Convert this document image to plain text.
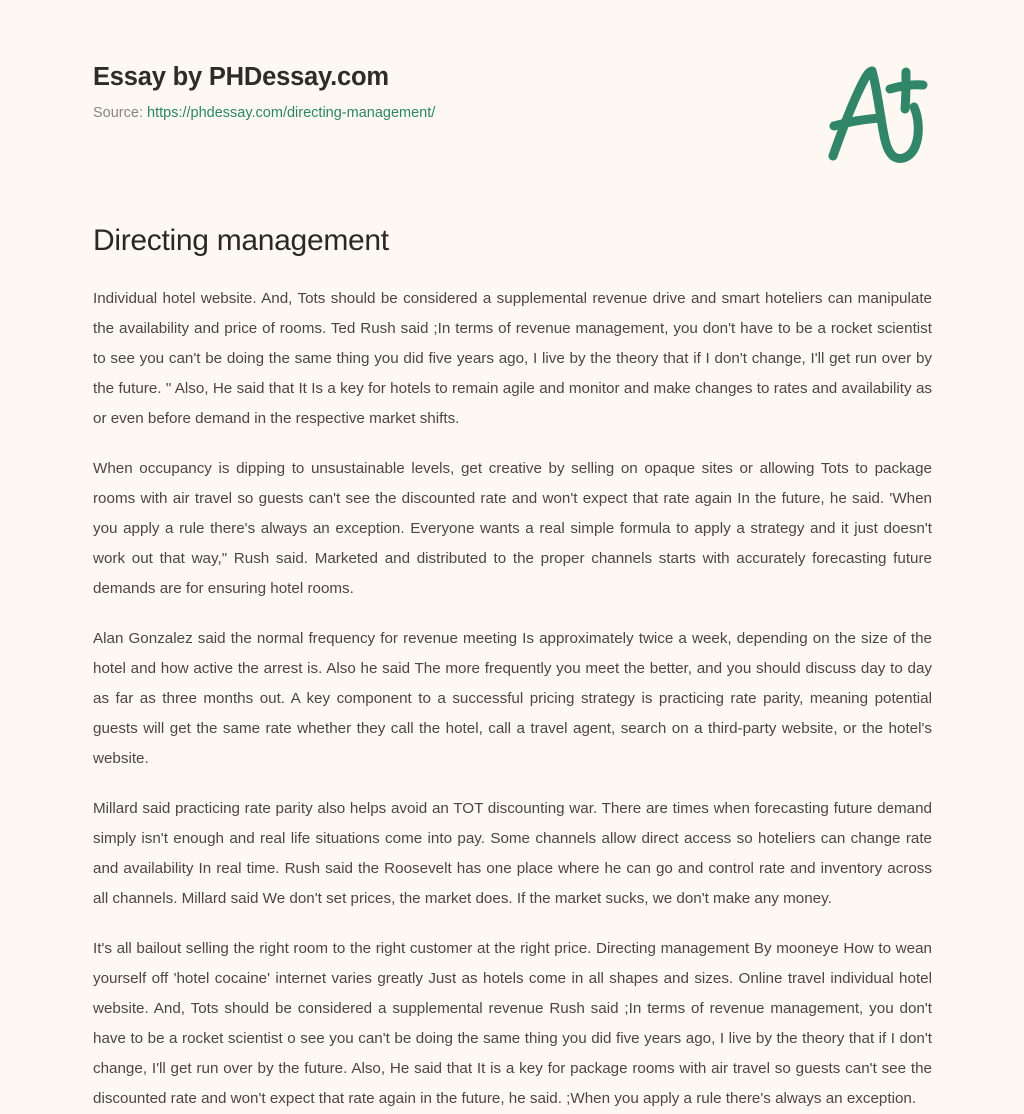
Essay by PHDessay.com
Source: https://phdessay.com/directing-management/
Directing management

Individual hotel website. And, Tots should be considered a supplemental revenue drive and smart hoteliers can manipulate the availability and price of rooms. Ted Rush said ;In terms of revenue management, you don't have to be a rocket scientist to see you can't be doing the same thing you did five years ago, I live by the theory that if I don't change, I'll get run over by the future. " Also, He said that It Is a key for hotels to remain agile and monitor and make changes to rates and availability as or even before demand in the respective market shifts.

When occupancy is dipping to unsustainable levels, get creative by selling on opaque sites or allowing Tots to package rooms with air travel so guests can't see the discounted rate and won't expect that rate again In the future, he said. 'When you apply a rule there's always an exception. Everyone wants a real simple formula to apply a strategy and it just doesn't work out that way," Rush said. Marketed and distributed to the proper channels starts with accurately forecasting future demands are for ensuring hotel rooms.

Alan Gonzalez said the normal frequency for revenue meeting Is approximately twice a week, depending on the size of the hotel and how active the arrest is. Also he said The more frequently you meet the better, and you should discuss day to day as far as three months out. A key component to a successful pricing strategy is practicing rate parity, meaning potential guests will get the same rate whether they call the hotel, call a travel agent, search on a third-party website, or the hotel's website.

Millard said practicing rate parity also helps avoid an TOT discounting war. There are times when forecasting future demand simply isn't enough and real life situations come into pay. Some channels allow direct access so hoteliers can change rate and availability In real time. Rush said the Roosevelt has one place where he can go and control rate and inventory across all channels. Millard said We don't set prices, the market does. If the market sucks, we don't make any money.

It's all bailout selling the right room to the right customer at the right price. Directing management By mooneye How to wean yourself off 'hotel cocaine' internet varies greatly Just as hotels come in all shapes and sizes. Online travel individual hotel website. And, Tots should be considered a supplemental revenue Rush said ;In terms of revenue management, you don't have to be a rocket scientist o see you can't be doing the same thing you did five years ago, I live by the theory that if I don't change, I'll get run over by the future. Also, He said that It is a key for package rooms with air travel so guests can't see the discounted rate and won't expect that rate again in the future, he said. ;When you apply a rule there's always an exception.
